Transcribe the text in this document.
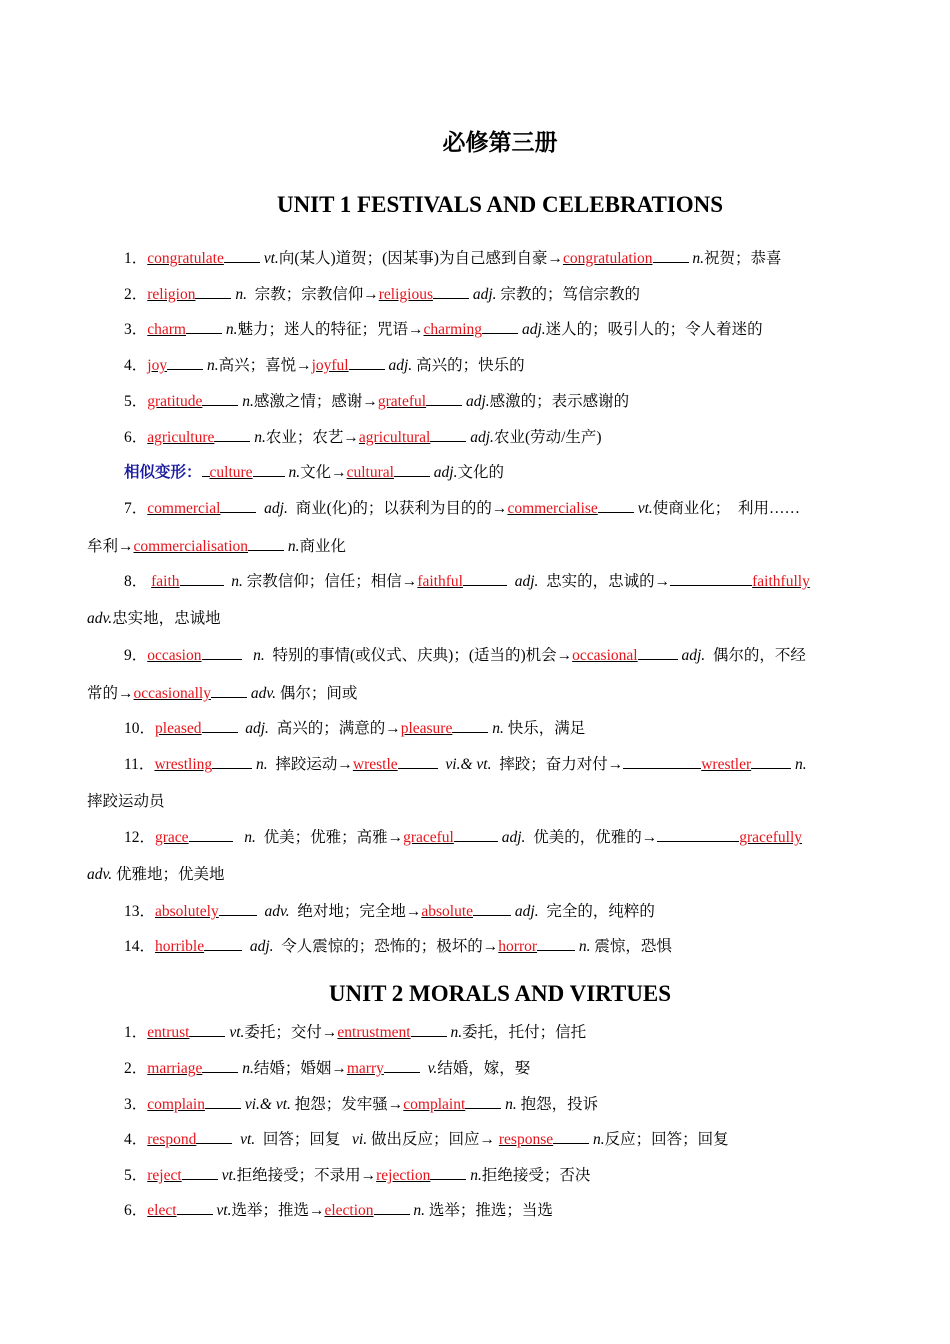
必修第三册
UNIT 1 FESTIVALS AND CELEBRATIONS
1．congratulate	vt.向(某人)道贺；(因某事)为自己感到自豪→congratulation	n.祝贺；恭喜
2．religion	n. 宗教；宗教信仰→religious	adj. 宗教的；笃信宗教的
3．charm	n.魅力；迷人的特征；咒语→charming	adj.迷人的；吸引人的；令人着迷的
4．joy	n.高兴；喜悦→joyful	adj. 高兴的；快乐的
5．gratitude	n.感激之情；感谢→grateful	adj.感激的；表示感谢的
6．agriculture	n.农业；农艺→agricultural	adj.农业(劳动/生产)
相似变形： culture n.文化→cultural	adj.文化的
7．commercial	adj. 商业(化)的；以获利为目的的→commercialise	vt.使商业化；　利用……
牟利→commercialisation	n.商业化
8． faith	n. 宗教信仰；信任；相信→faithful	adj. 忠实的，忠诚的→	faithfully
adv.忠实地，忠诚地
9．occasion	n. 特别的事情(或仪式、庆典)；(适当的)机会→occasional	adj. 偶尔的，不经
常的→occasionally	adv. 偶尔；间或
10．pleased	adj. 高兴的；满意的→pleasure	n. 快乐，满足
11．wrestling	n. 摔跤运动→wrestle	vi.& vt. 摔跤；奋力对付→	wrestler	n.
摔跤运动员
12．grace	n. 优美；优雅；高雅→graceful	adj. 优美的，优雅的→	gracefully
adv. 优雅地；优美地
13．absolutely	adv. 绝对地；完全地→absolute	adj. 完全的，纯粹的
14．horrible	adj. 令人震惊的；恐怖的；极坏的→horror	n. 震惊，恐惧
UNIT 2 MORALS AND VIRTUES
1．entrust	vt.委托；交付→entrustment	n.委托，托付；信托
2．marriage	n.结婚；婚姻→marry	v.结婚，嫁，娶
3．complain	vi.& vt. 抱怨；发牢骚→complaint	n. 抱怨，投诉
4．respond	vt. 回答；回复 vi. 做出反应；回应→ response	n.反应；回答；回复
5．reject	vt.拒绝接受；不录用→rejection	n.拒绝接受；否决
6．elect	vt.选举；推选→election	n. 选举；推选；当选
